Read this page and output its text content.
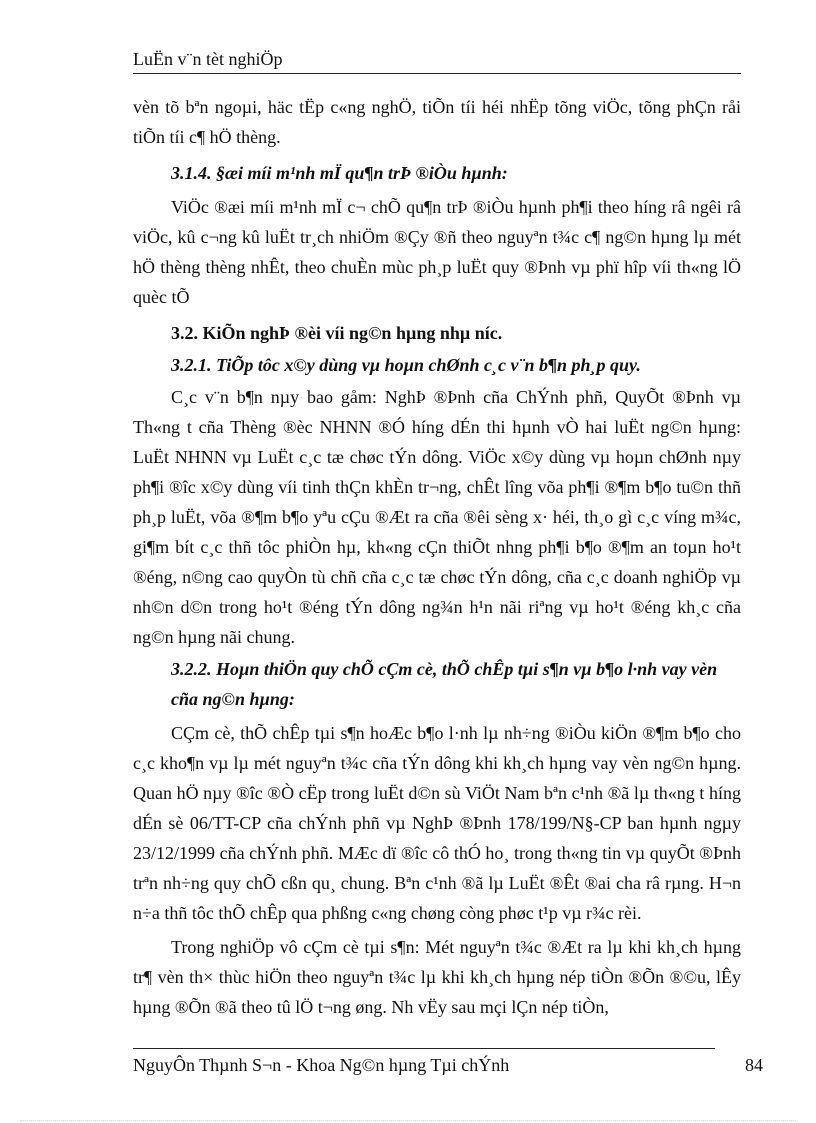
LuËn v¨n tèt nghiÖp

vèn tõ bªn ngoµi, häc tËp c«ng nghÖ, tiÕn tíi héi nhËp tõng viÖc, tõng phÇn råi tiÕn tíi c¶ hÖ thèng.

3.1.4. §æi míi m¹nh mÏ qu¶n trÞ ®iÒu hµnh:

ViÖc ®æi míi m¹nh mÏ c¬ chÕ qu¶n trÞ ®iÒu hµnh ph¶i theo híng râ ngêi râ viÖc, kû c¬ng kû luËt tr¸ch nhiÖm ®Çy ®ñ theo nguyªn t¾c c¶ ng©n hµng lµ mét hÖ thèng thèng nhÊt, theo chuÈn mùc ph¸p luËt quy ®Þnh vµ phï hîp víi th«ng lÖ quèc tÕ

3.2. KiÕn nghÞ ®èi víi ng©n hµng nhµ níc.

3.2.1. TiÕp tôc x©y dùng vµ hoµn chØnh c¸c v¨n b¶n ph¸p quy.

C¸c v¨n b¶n nµy bao gåm: NghÞ ®Þnh cña ChÝnh phñ, QuyÕt ®Þnh vµ Th«ng t cña Thèng ®èc NHNN ®Ó híng dÉn thi hµnh vÒ hai luËt ng©n hµng: LuËt NHNN vµ LuËt c¸c tæ chøc tÝn dông. ViÖc x©y dùng vµ hoµn chØnh nµy ph¶i ®îc x©y dùng víi tinh thÇn khÈn tr¬ng, chÊt lîng võa ph¶i ®¶m b¶o tu©n thñ ph¸p luËt, võa ®¶m b¶o yªu cÇu ®Æt ra cña ®êi sèng x· héi, th¸o gì c¸c víng m¾c, gi¶m bít c¸c thñ tôc phiÒn hµ, kh«ng cÇn thiÕt nhng ph¶i b¶o ®¶m an toµn ho¹t ®éng, n©ng cao quyÒn tù chñ cña c¸c tæ chøc tÝn dông, cña c¸c doanh nghiÖp vµ nh©n d©n trong ho¹t ®éng tÝn dông ng¾n h¹n nãi riªng vµ ho¹t ®éng kh¸c cña ng©n hµng nãi chung.

3.2.2. Hoµn thiÖn quy chÕ cÇm cè, thÕ chÊp tµi s¶n vµ b¶o l·nh vay vèn cña ng©n hµng:

CÇm cè, thÕ chÊp tµi s¶n hoÆc b¶o l·nh lµ nh÷ng ®iÒu kiÖn ®¶m b¶o cho c¸c kho¶n vµ lµ mét nguyªn t¾c cña tÝn dông khi kh¸ch hµng vay vèn ng©n hµng. Quan hÖ nµy ®îc ®Ò cËp trong luËt d©n sù ViÖt Nam bªn c¹nh ®ã lµ th«ng t híng dÉn sè 06/TT-CP cña chÝnh phñ vµ NghÞ ®Þnh 178/199/N§-CP ban hµnh ngµy 23/12/1999 cña chÝnh phñ. MÆc dï ®îc cô thÓ ho¸ trong th«ng tin vµ quyÕt ®Þnh trªn nh÷ng quy chÕ cßn qu¸ chung. Bªn c¹nh ®ã lµ LuËt ®Êt ®ai cha râ rµng. H¬n n÷a thñ tôc thÕ chÊp qua phßng c«ng chøng còng phøc t¹p vµ r¾c rèi.

Trong nghiÖp vô cÇm cè tµi s¶n: Mét nguyªn t¾c ®Æt ra lµ khi kh¸ch hµng tr¶ vèn th× thùc hiÖn theo nguyªn t¾c lµ khi kh¸ch hµng nép tiÒn ®Õn ®©u, lÊy hµng ®Õn ®ã theo tû lÖ t¬ng øng. Nh vËy sau mçi lÇn nép tiÒn,

NguyÔn Thµnh S¬n - Khoa Ng©n hµng Tµi chÝnh	84
